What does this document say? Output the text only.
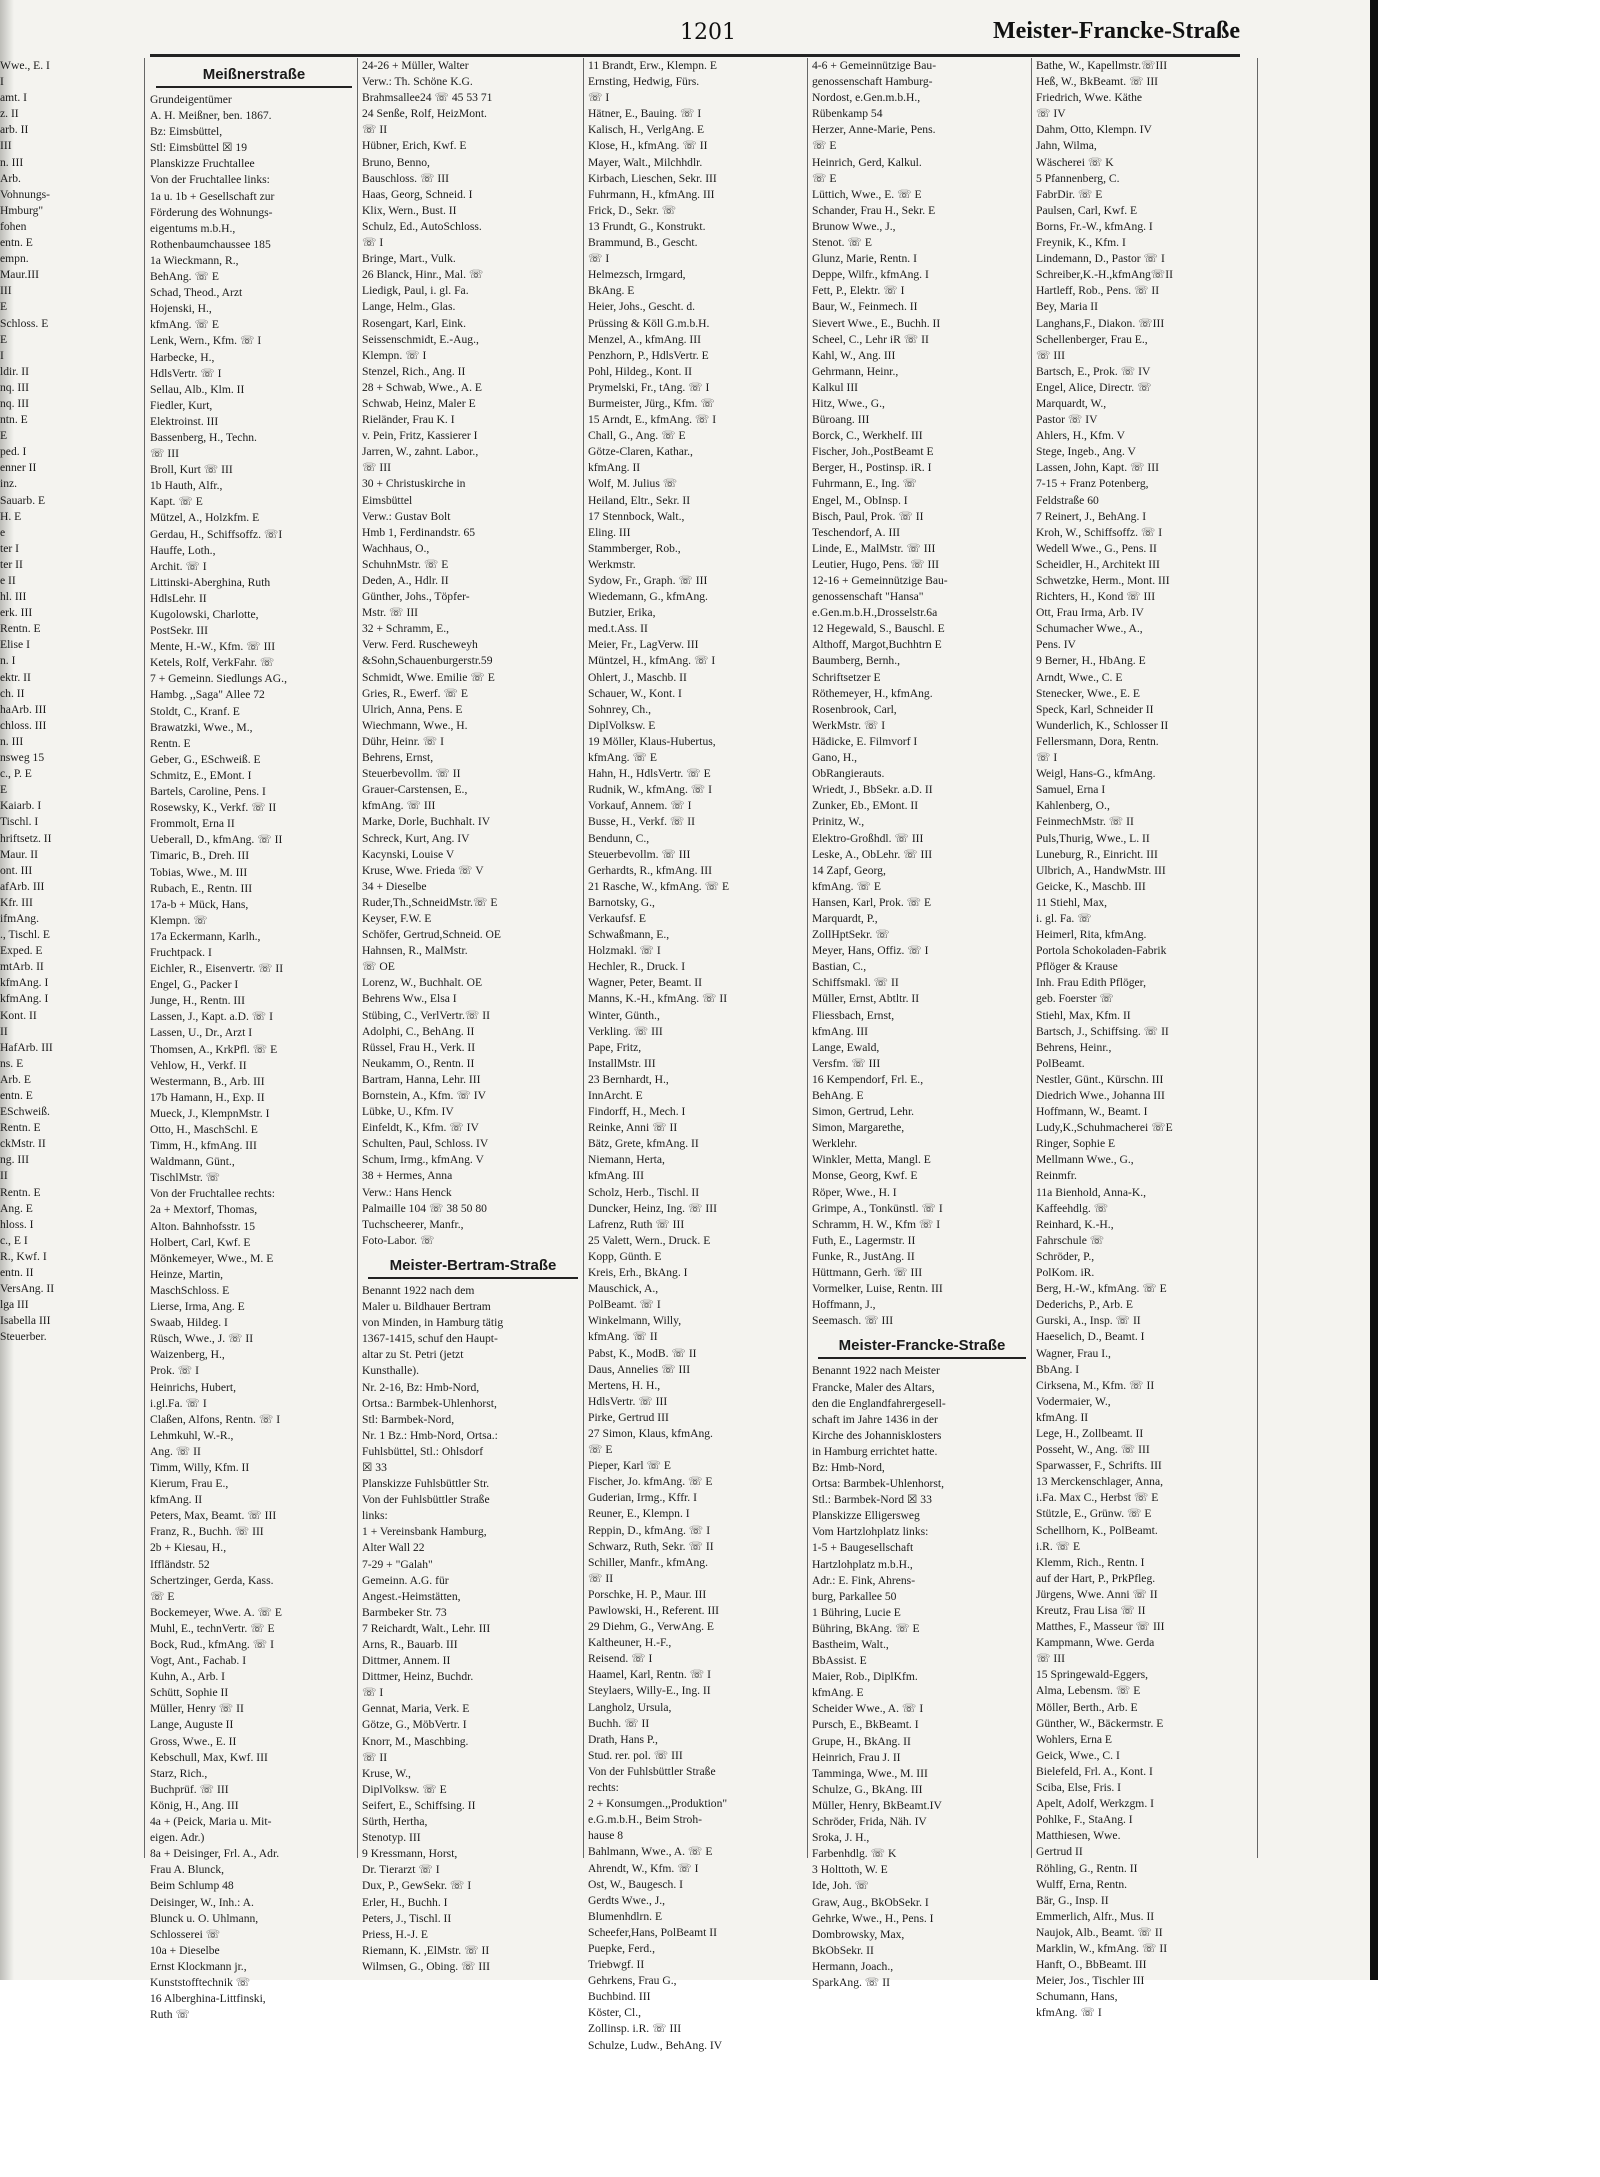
1201	Meister-Francke-Straße
Wwe., E. I
I
amt. I
z. II
arb. II
III
n. III
Arb.
Vohnungs-
Hmburg"
fohen
entn. E
empn.
Maur.III
III
E
Schloss. E
E
I
ldir. II
nq. III
nq. III
ntn. E
E
ped. I
enner II
inz.
Sauarb. E
H. E
e
ter I
ter II
e II
hl. III
erk. III
Rentn. E
Elise I
n. I
ektr. II
ch. II
haArb. III
chloss. III
n. III
nsweg 15
c., P. E
E
Kaiarb. I
Tischl. I
hriftsetz. II
Maur. II
ont. III
afArb. III
Kfr. III
ifmAng.
., Tischl. E
Exped. E
mtArb. II
kfmAng. I
kfmAng. I
Kont. II
II
HafArb. III
ns. E
Arb. E
entn. E
ESchweiß.
Rentn. E
ckMstr. II
ng. III
II
Rentn. E
Ang. E
hloss. I
c., E I
R., Kwf. I
entn. II
VersAng. II
lga III
Isabella III
Steuerber.
Meißnerstraße
Grundeigentümer
A. H. Meißner, ben. 1867.
Bz: Eimsbüttel,
Stl: Eimsbüttel ☒ 19
Planskizze Fruchtallee
Von der Fruchtallee links:
1a u. 1b + Gesellschaft zur
Förderung des Wohnungs-
eigentums m.b.H.,
Rothenbaumchaussee 185
1a Wieckmann, R.,
BehAng. ☏ E
Schad, Theod., Arzt
Hojenski, H.,
kfmAng. ☏ E
Lenk, Wern., Kfm. ☏ I
Harbecke, H.,
HdlsVertr. ☏ I
Sellau, Alb., Klm. II
Fiedler, Kurt,
Elektroinst. III
Bassenberg, H., Techn.
☏ III
Broll, Kurt ☏ III
1b Hauth, Alfr.,
Kapt. ☏ E
Mützel, A., Holzkfm. E
Gerdau, H., Schiffsoffz. ☏I
Hauffe, Loth.,
Archit. ☏ I
Littinski-Aberghina, Ruth
HdlsLehr. II
Kugolowski, Charlotte,
PostSekr. III
Mente, H.-W., Kfm. ☏ III
Ketels, Rolf, VerkFahr. ☏
7 + Gemeinn. Siedlungs AG.,
Hambg. ,,Saga" Allee 72
Stoldt, C., Kranf. E
Brawatzki, Wwe., M.,
Rentn. E
Geber, G., ESchweiß. E
Schmitz, E., EMont. I
Bartels, Caroline, Pens. I
Rosewsky, K., Verkf. ☏ II
Frommolt, Erna II
Ueberall, D., kfmAng. ☏ II
Timaric, B., Dreh. III
Tobias, Wwe., M. III
Rubach, E., Rentn. III
17a-b + Mück, Hans,
Klempn. ☏
17a Eckermann, Karlh.,
Fruchtpack. I
Eichler, R., Eisenvertr. ☏ II
Engel, G., Packer I
Junge, H., Rentn. III
Lassen, J., Kapt. a.D. ☏ I
Lassen, U., Dr., Arzt I
Thomsen, A., KrkPfl. ☏ E
Vehlow, H., Verkf. II
Westermann, B., Arb. III
17b Hamann, H., Exp. II
Mueck, J., KlempnMstr. I
Otto, H., MaschSchl. E
Timm, H., kfmAng. III
Waldmann, Günt.,
TischlMstr. ☏
Von der Fruchtallee rechts:
2a + Mextorf, Thomas,
Alton. Bahnhofsstr. 15
Holbert, Carl, Kwf. E
Mönkemeyer, Wwe., M. E
Heinze, Martin,
MaschSchloss. E
Lierse, Irma, Ang. E
Swaab, Hildeg. I
Rüsch, Wwe., J. ☏ II
Waizenberg, H.,
Prok. ☏ I
Heinrichs, Hubert,
i.gl.Fa. ☏ I
Claßen, Alfons, Rentn. ☏ I
Lehmkuhl, W.-R.,
Ang. ☏ II
Timm, Willy, Kfm. II
Kierum, Frau E.,
kfmAng. II
Peters, Max, Beamt. ☏ III
Franz, R., Buchh. ☏ III
2b + Kiesau, H.,
Iffländstr. 52
Schertzinger, Gerda, Kass.
☏ E
Bockemeyer, Wwe. A. ☏ E
Muhl, E., technVertr. ☏ E
Bock, Rud., kfmAng. ☏ I
Vogt, Ant., Fachab. I
Kuhn, A., Arb. I
Schütt, Sophie II
Müller, Henry ☏ II
Lange, Auguste II
Gross, Wwe., E. II
Kebschull, Max, Kwf. III
Starz, Rich.,
Buchprüf. ☏ III
König, H., Ang. III
4a + (Peick, Maria u. Mit-
eigen. Adr.)
8a + Deisinger, Frl. A., Adr.
Frau A. Blunck,
Beim Schlump 48
Deisinger, W., Inh.: A.
Blunck u. O. Uhlmann,
Schlosserei ☏
10a + Dieselbe
Ernst Klockmann jr.,
Kunststofftechnik ☏
16 Alberghina-Littfinski,
Ruth ☏
24-26 + Müller, Walter
Verw.: Th. Schöne K.G.
Brahmsallee24 ☏ 45 53 71
24 Senße, Rolf, HeizMont.
☏ II
Hübner, Erich, Kwf. E
Bruno, Benno,
Bauschloss. ☏ III
Haas, Georg, Schneid. I
Klix, Wern., Bust. II
Schulz, Ed., AutoSchloss.
☏ I
Bringe, Mart., Vulk.
26 Blanck, Hinr., Mal. ☏
Liedigk, Paul, i. gl. Fa.
Lange, Helm., Glas.
Rosengart, Karl, Eink.
Seissenschmidt, E.-Aug.,
Klempn. ☏ I
Stenzel, Rich., Ang. II
28 + Schwab, Wwe., A. E
Schwab, Heinz, Maler E
Rieländer, Frau K. I
v. Pein, Fritz, Kassierer I
Jarren, W., zahnt. Labor.,
☏ III
30 + Christuskirche in
Eimsbüttel
Verw.: Gustav Bolt
Hmb 1, Ferdinandstr. 65
Wachhaus, O.,
SchuhnMstr. ☏ E
Deden, A., Hdlr. II
Günther, Johs., Töpfer-
Mstr. ☏ III
32 + Schramm, E.,
Verw. Ferd. Ruscheweyh
&Sohn,Schauenburgerstr.59
Schmidt, Wwe. Emilie ☏ E
Gries, R., Ewerf. ☏ E
Ulrich, Anna, Pens. E
Wiechmann, Wwe., H.
Dühr, Heinr. ☏ I
Behrens, Ernst,
Steuerbevollm. ☏ II
Grauer-Carstensen, E.,
kfmAng. ☏ III
Marke, Dorle, Buchhalt. IV
Schreck, Kurt, Ang. IV
Kacynski, Louise V
Kruse, Wwe. Frieda ☏ V
34 + Dieselbe
Ruder,Th.,SchneidMstr.☏ E
Keyser, F.W. E
Schöfer, Gertrud,Schneid. OE
Hahnsen, R., MalMstr.
☏ OE
Lorenz, W., Buchhalt. OE
Behrens Ww., Elsa I
Stübing, C., VerlVertr.☏ II
Adolphi, C., BehAng. II
Rüssel, Frau H., Verk. II
Neukamm, O., Rentn. II
Bartram, Hanna, Lehr. III
Bornstein, A., Kfm. ☏ IV
Lübke, U., Kfm. IV
Einfeldt, K., Kfm. ☏ IV
Schulten, Paul, Schloss. IV
Schum, Irmg., kfmAng. V
38 + Hermes, Anna
Verw.: Hans Henck
Palmaille 104 ☏ 38 50 80
Tuchscheerer, Manfr.,
Foto-Labor. ☏
Meister-Bertram-Straße
Benannt 1922 nach dem
Maler u. Bildhauer Bertram
von Minden, in Hamburg tätig
1367-1415, schuf den Haupt-
altar zu St. Petri (jetzt
Kunsthalle).
Nr. 2-16, Bz: Hmb-Nord,
Ortsa.: Barmbek-Uhlenhorst,
Stl: Barmbek-Nord,
Nr. 1 Bz.: Hmb-Nord, Ortsa.:
Fuhlsbüttel, Stl.: Ohlsdorf
☒ 33
Planskizze Fuhlsbüttler Str.
Von der Fuhlsbüttler Straße
links:
1 + Vereinsbank Hamburg,
Alter Wall 22
7-29 + "Galah"
Gemeinn. A.G. für
Angest.-Heimstätten,
Barmbeker Str. 73
7 Reichardt, Walt., Lehr. III
Arns, R., Bauarb. III
Dittmer, Annem. II
Dittmer, Heinz, Buchdr.
☏ I
Gennat, Maria, Verk. E
Götze, G., MöbVertr. I
Knorr, M., Maschbing.
☏ II
Kruse, W.,
DiplVolksw. ☏ E
Seifert, E., Schiffsing. II
Sürth, Hertha,
Stenotyp. III
9 Kressmann, Horst,
Dr. Tierarzt ☏ I
Dux, P., GewSekr. ☏ I
Erler, H., Buchh. I
Peters, J., Tischl. II
Priess, H.-J. E
Riemann, K. ,ElMstr. ☏ II
Wilmsen, G., Obing. ☏ III
11 Brandt, Erw., Klempn. E
Ernsting, Hedwig, Fürs.
☏ I
Hätner, E., Bauing. ☏ I
Kalisch, H., VerlgAng. E
Klose, H., kfmAng. ☏ II
Mayer, Walt., Milchhdlr.
Kirbach, Lieschen, Sekr. III
Fuhrmann, H., kfmAng. III
Frick, D., Sekr. ☏
13 Frundt, G., Konstrukt.
Brammund, B., Gescht.
☏ I
Helmezsch, Irmgard,
BkAng. E
Heier, Johs., Gescht. d.
Prüssing & Köll G.m.b.H.
Menzel, A., kfmAng. III
Penzhorn, P., HdlsVertr. E
Pohl, Hildeg., Kont. II
Prymelski, Fr., tAng. ☏ I
Burmeister, Jürg., Kfm. ☏
15 Arndt, E., kfmAng. ☏ I
Chall, G., Ang. ☏ E
Götze-Claren, Kathar.,
kfmAng. II
Wolf, M. Julius ☏
Heiland, Eltr., Sekr. II
17 Stennbock, Walt.,
Eling. III
Stammberger, Rob.,
Werkmstr.
Sydow, Fr., Graph. ☏ III
Wiedemann, G., kfmAng.
Butzier, Erika,
med.t.Ass. II
Meier, Fr., LagVerw. III
Müntzel, H., kfmAng. ☏ I
Ohlert, J., Maschb. II
Schauer, W., Kont. I
Sohnrey, Ch.,
DiplVolksw. E
19 Möller, Klaus-Hubertus,
kfmAng. ☏ E
Hahn, H., HdlsVertr. ☏ E
Rudnik, W., kfmAng. ☏ I
Vorkauf, Annem. ☏ I
Busse, H., Verkf. ☏ II
Bendunn, C.,
Steuerbevollm. ☏ III
Gerhardts, R., kfmAng. III
21 Rasche, W., kfmAng. ☏ E
Barnotsky, G.,
Verkaufsf. E
Schwaßmann, E.,
Holzmakl. ☏ I
Hechler, R., Druck. I
Wagner, Peter, Beamt. II
Manns, K.-H., kfmAng. ☏ II
Winter, Günth.,
Verkling. ☏ III
Pape, Fritz,
InstallMstr. III
23 Bernhardt, H.,
InnArcht. E
Findorff, H., Mech. I
Reinke, Anni ☏ II
Bätz, Grete, kfmAng. II
Niemann, Herta,
kfmAng. III
Scholz, Herb., Tischl. II
Duncker, Heinz, Ing. ☏ III
Lafrenz, Ruth ☏ III
25 Valett, Wern., Druck. E
Kopp, Günth. E
Kreis, Erh., BkAng. I
Mauschick, A.,
PolBeamt. ☏ I
Winkelmann, Willy,
kfmAng. ☏ II
Pabst, K., ModB. ☏ II
Daus, Annelies ☏ III
Mertens, H. H.,
HdlsVertr. ☏ III
Pirke, Gertrud III
27 Simon, Klaus, kfmAng.
☏ E
Pieper, Karl ☏ E
Fischer, Jo. kfmAng. ☏ E
Guderian, Irmg., Kffr. I
Reuner, E., Klempn. I
Reppin, D., kfmAng. ☏ I
Schwarz, Ruth, Sekr. ☏ II
Schiller, Manfr., kfmAng.
☏ II
Porschke, H. P., Maur. III
Pawlowski, H., Referent. III
29 Diehm, G., VerwAng. E
Kaltheuner, H.-F.,
Reisend. ☏ I
Haamel, Karl, Rentn. ☏ I
Steylaers, Willy-E., Ing. II
Langholz, Ursula,
Buchh. ☏ II
Drath, Hans P.,
Stud. rer. pol. ☏ III
Von der Fuhlsbüttler Straße
rechts:
2 + Konsumgen.,,Produktion"
e.G.m.b.H., Beim Stroh-
hause 8
Bahlmann, Wwe., A. ☏ E
Ahrendt, W., Kfm. ☏ I
Ost, W., Baugesch. I
Gerdts Wwe., J.,
Blumenhdlrn. E
Scheefer,Hans, PolBeamt II
Puepke, Ferd.,
Triebwgf. II
Gehrkens, Frau G.,
Buchbind. III
Köster, Cl.,
Zollinsp. i.R. ☏ III
Schulze, Ludw., BehAng. IV
4-6 + Gemeinnützige Bau-
genossenschaft Hamburg-
Nordost, e.Gen.m.b.H.,
Rübenkamp 54
Herzer, Anne-Marie, Pens.
☏ E
Heinrich, Gerd, Kalkul.
☏ E
Lüttich, Wwe., E. ☏ E
Schander, Frau H., Sekr. E
Brunow Wwe., J.,
Stenot. ☏ E
Glunz, Marie, Rentn. I
Deppe, Wilfr., kfmAng. I
Fett, P., Elektr. ☏ I
Baur, W., Feinmech. II
Sievert Wwe., E., Buchh. II
Scheel, C., Lehr iR ☏ II
Kahl, W., Ang. III
Gehrmann, Heinr.,
Kalkul III
Hitz, Wwe., G.,
Büroang. III
Borck, C., Werkhelf. III
Fischer, Joh.,PostBeamt E
Berger, H., Postinsp. iR. I
Fuhrmann, E., Ing. ☏
Engel, M., ObInsp. I
Bisch, Paul, Prok. ☏ II
Teschendorf, A. III
Linde, E., MalMstr. ☏ III
Leutier, Hugo, Pens. ☏ III
12-16 + Gemeinnützige Bau-
genossenschaft "Hansa"
e.Gen.m.b.H.,Drosselstr.6a
12 Hegewald, S., Bauschl. E
Althoff, Margot,Buchhtrn E
Baumberg, Bernh.,
Schriftsetzer E
Röthemeyer, H., kfmAng.
Rosenbrook, Carl,
WerkMstr. ☏ I
Hädicke, E. Filmvorf I
Gano, H.,
ObRangierauts.
Wriedt, J., BbSekr. a.D. II
Zunker, Eb., EMont. II
Prinitz, W.,
Elektro-Großhdl. ☏ III
Leske, A., ObLehr. ☏ III
14 Zapf, Georg,
kfmAng. ☏ E
Hansen, Karl, Prok. ☏ E
Marquardt, P.,
ZollHptSekr. ☏
Meyer, Hans, Offiz. ☏ I
Bastian, C.,
Schiffsmakl. ☏ II
Müller, Ernst, Abtltr. II
Fliessbach, Ernst,
kfmAng. III
Lange, Ewald,
Versfm. ☏ III
16 Kempendorf, Frl. E.,
BehAng. E
Simon, Gertrud, Lehr.
Simon, Margarethe,
Werklehr.
Winkler, Metta, Mangl. E
Monse, Georg, Kwf. E
Röper, Wwe., H. I
Grimpe, A., Tonkünstl. ☏ I
Schramm, H. W., Kfm ☏ I
Futh, E., Lagermstr. II
Funke, R., JustAng. II
Hüttmann, Gerh. ☏ III
Vormelker, Luise, Rentn. III
Hoffmann, J.,
Seemasch. ☏ III
Meister-Francke-Straße
Benannt 1922 nach Meister
Francke, Maler des Altars,
den die Englandfahrergesell-
schaft im Jahre 1436 in der
Kirche des Johannisklosters
in Hamburg errichtet hatte.
Bz: Hmb-Nord,
Ortsa: Barmbek-Uhlenhorst,
Stl.: Barmbek-Nord ☒ 33
Planskizze Elligersweg
Vom Hartzlohplatz links:
1-5 + Baugesellschaft
Hartzlohplatz m.b.H.,
Adr.: E. Fink, Ahrens-
burg, Parkallee 50
1 Bühring, Lucie E
Bühring, BkAng. ☏ E
Bastheim, Walt.,
BbAssist. E
Maier, Rob., DiplKfm.
kfmAng. E
Scheider Wwe., A. ☏ I
Pursch, E., BkBeamt. I
Grupe, H., BkAng. II
Heinrich, Frau J. II
Tamminga, Wwe., M. III
Schulze, G., BkAng. III
Müller, Henry, BkBeamt.IV
Schröder, Frida, Näh. IV
Sroka, J. H.,
Farbenhdlg. ☏ K
3 Holttoth, W. E
Ide, Joh. ☏
Graw, Aug., BkObSekr. I
Gehrke, Wwe., H., Pens. I
Dombrowsky, Max,
BkObSekr. II
Hermann, Joach.,
SparkAng. ☏ II
Bathe, W., Kapellmstr.☏III
Heß, W., BkBeamt. ☏ III
Friedrich, Wwe. Käthe
☏ IV
Dahm, Otto, Klempn. IV
Jahn, Wilma,
Wäscherei ☏ K
5 Pfannenberg, C.
FabrDir. ☏ E
Paulsen, Carl, Kwf. E
Borns, Fr.-W., kfmAng. I
Freynik, K., Kfm. I
Lindemann, D., Pastor ☏ I
Schreiber,K.-H.,kfmAng☏II
Hartleff, Rob., Pens. ☏ II
Bey, Maria II
Langhans,F., Diakon. ☏III
Schellenberger, Frau E.,
☏ III
Bartsch, E., Prok. ☏ IV
Engel, Alice, Directr. ☏
Marquardt, W.,
Pastor ☏ IV
Ahlers, H., Kfm. V
Stege, Ingeb., Ang. V
Lassen, John, Kapt. ☏ III
7-15 + Franz Potenberg,
Feldstraße 60
7 Reinert, J., BehAng. I
Kroh, W., Schiffsoffz. ☏ I
Wedell Wwe., G., Pens. II
Scheidler, H., Architekt III
Schwetzke, Herm., Mont. III
Richters, H., Kond ☏ III
Ott, Frau Irma, Arb. IV
Schumacher Wwe., A.,
Pens. IV
9 Berner, H., HbAng. E
Arndt, Wwe., C. E
Stenecker, Wwe., E. E
Speck, Karl, Schneider II
Wunderlich, K., Schlosser II
Fellersmann, Dora, Rentn.
☏ I
Weigl, Hans-G., kfmAng.
Samuel, Erna I
Kahlenberg, O.,
FeinmechMstr. ☏ II
Puls,Thurig, Wwe., L. II
Luneburg, R., Einricht. III
Ulbrich, A., HandwMstr. III
Geicke, K., Maschb. III
11 Stiehl, Max,
i. gl. Fa. ☏
Heimerl, Rita, kfmAng.
Portola Schokoladen-Fabrik
Pflöger & Krause
Inh. Frau Edith Pflöger,
geb. Foerster ☏
Stiehl, Max, Kfm. II
Bartsch, J., Schiffsing. ☏ II
Behrens, Heinr.,
PolBeamt.
Nestler, Günt., Kürschn. III
Diedrich Wwe., Johanna III
Hoffmann, W., Beamt. I
Ludy,K.,Schuhmacherei ☏E
Ringer, Sophie E
Mellmann Wwe., G.,
Reinmfr.
11a Bienhold, Anna-K.,
Kaffeehdlg. ☏
Reinhard, K.-H.,
Fahrschule ☏
Schröder, P.,
PolKom. iR.
Berg, H.-W., kfmAng. ☏ E
Dederichs, P., Arb. E
Gurski, A., Insp. ☏ II
Haeselich, D., Beamt. I
Wagner, Frau I.,
BbAng. I
Cirksena, M., Kfm. ☏ II
Vodermaier, W.,
kfmAng. II
Lege, H., Zollbeamt. II
Posseht, W., Ang. ☏ III
Sparwasser, F., Schrifts. III
13 Merckenschlager, Anna,
i.Fa. Max C., Herbst ☏ E
Stützle, E., Grünw. ☏ E
Schellhorn, K., PolBeamt.
i.R. ☏ E
Klemm, Rich., Rentn. I
auf der Hart, P., PrkPfleg.
Jürgens, Wwe. Anni ☏ II
Kreutz, Frau Lisa ☏ II
Matthes, F., Masseur ☏ III
Kampmann, Wwe. Gerda
☏ III
15 Springewald-Eggers,
Alma, Lebensm. ☏ E
Möller, Berth., Arb. E
Günther, W., Bäckermstr. E
Wohlers, Erna E
Geick, Wwe., C. I
Bielefeld, Frl. A., Kont. I
Sciba, Else, Fris. I
Apelt, Adolf, Werkzgm. I
Pohlke, F., StaAng. I
Matthiesen, Wwe.
Gertrud II
Röhling, G., Rentn. II
Wulff, Erna, Rentn.
Bär, G., Insp. II
Emmerlich, Alfr., Mus. II
Naujok, Alb., Beamt. ☏ II
Marklin, W., kfmAng. ☏ II
Hanft, O., BbBeamt. III
Meier, Jos., Tischler III
Schumann, Hans,
kfmAng. ☏ I
